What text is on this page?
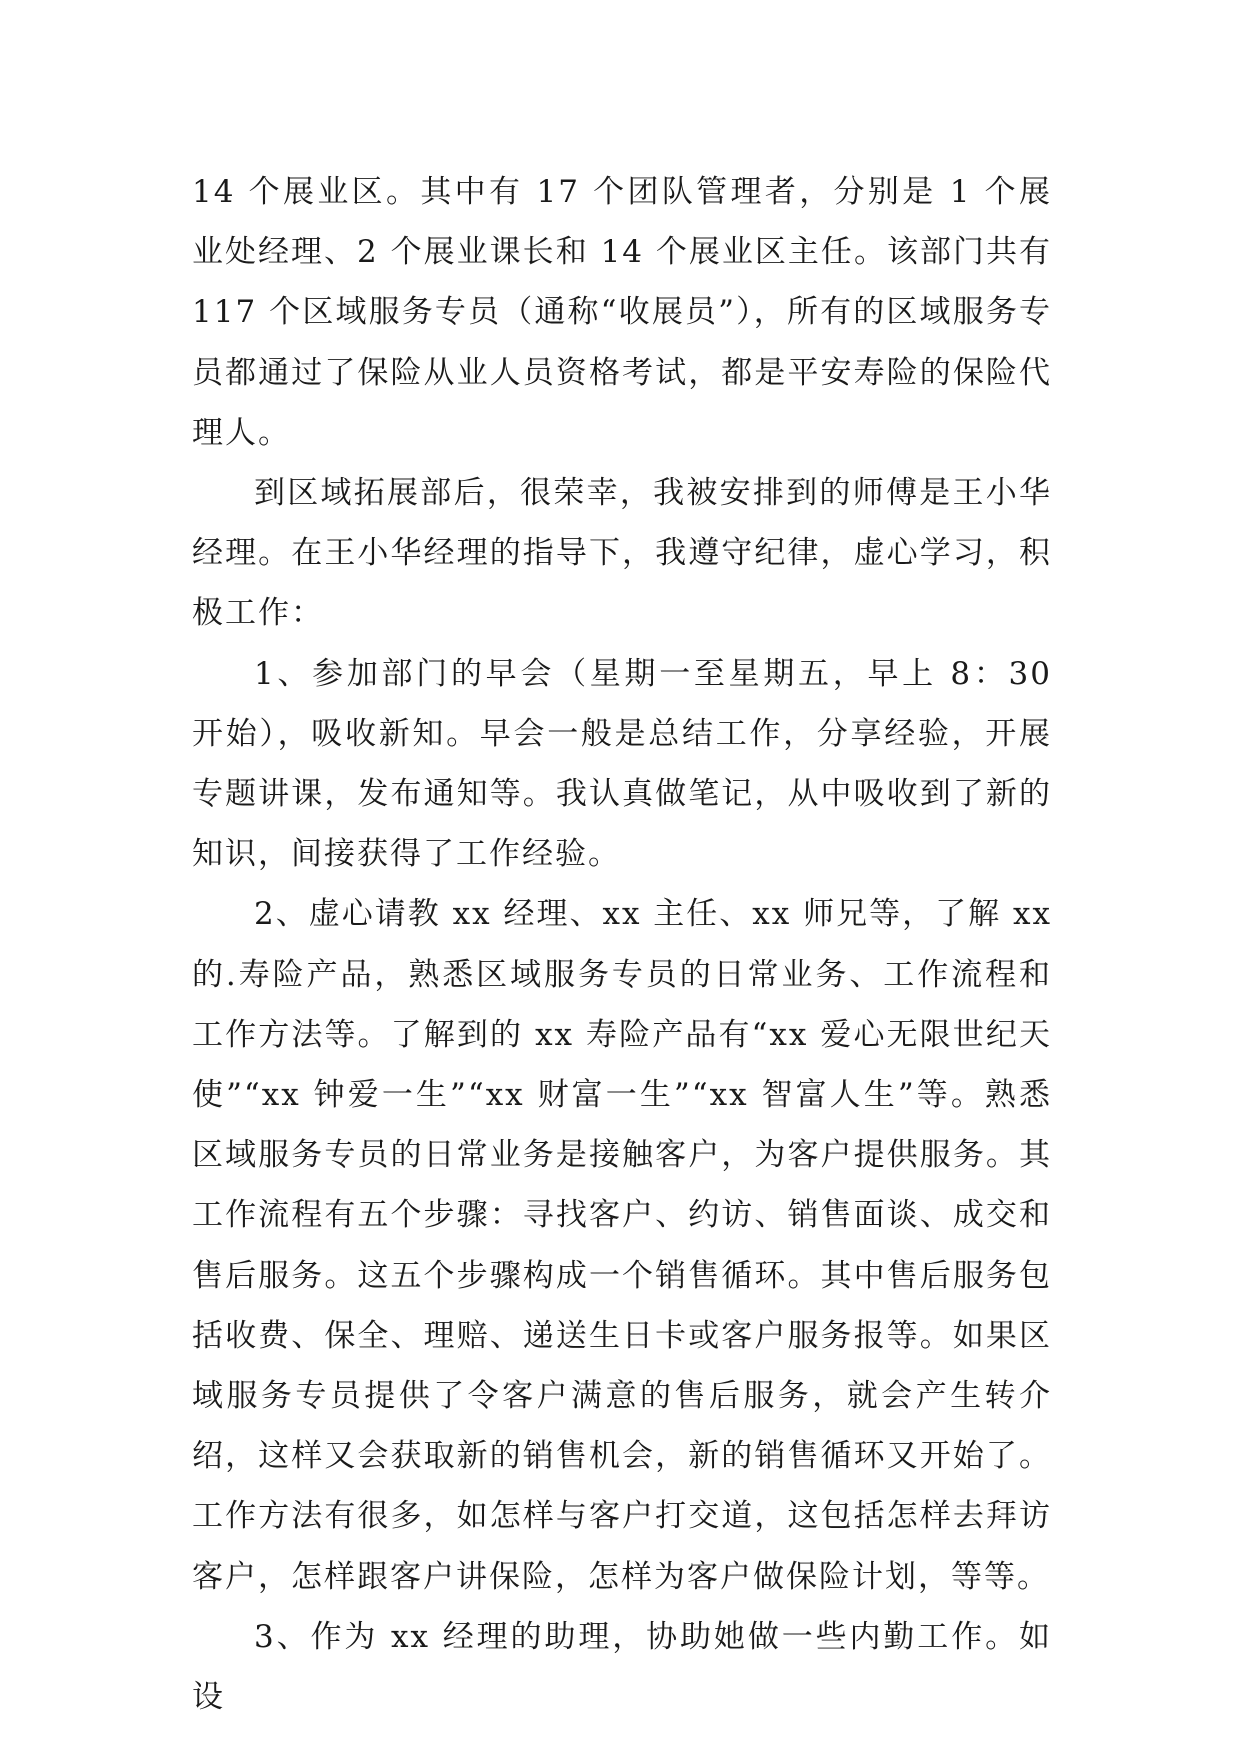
14 个展业区。其中有 17 个团队管理者，分别是 1 个展业处经理、2 个展业课长和 14 个展业区主任。该部门共有 117 个区域服务专员（通称“收展员”），所有的区域服务专员都通过了保险从业人员资格考试，都是平安寿险的保险代理人。

到区域拓展部后，很荣幸，我被安排到的师傅是王小华经理。在王小华经理的指导下，我遵守纪律，虚心学习，积极工作：

1、参加部门的早会（星期一至星期五，早上 8：30 开始），吸收新知。早会一般是总结工作，分享经验，开展专题讲课，发布通知等。我认真做笔记，从中吸收到了新的知识，间接获得了工作经验。

2、虚心请教 xx 经理、xx 主任、xx 师兄等，了解 xx 的.寿险产品，熟悉区域服务专员的日常业务、工作流程和工作方法等。了解到的 xx 寿险产品有“xx 爱心无限世纪天使”“xx 钟爱一生”“xx 财富一生”“xx 智富人生”等。熟悉区域服务专员的日常业务是接触客户，为客户提供服务。其工作流程有五个步骤：寻找客户、约访、销售面谈、成交和售后服务。这五个步骤构成一个销售循环。其中售后服务包括收费、保全、理赔、递送生日卡或客户服务报等。如果区域服务专员提供了令客户满意的售后服务，就会产生转介绍，这样又会获取新的销售机会，新的销售循环又开始了。工作方法有很多，如怎样与客户打交道，这包括怎样去拜访客户，怎样跟客户讲保险，怎样为客户做保险计划，等等。

3、作为 xx 经理的助理，协助她做一些内勤工作。如设
